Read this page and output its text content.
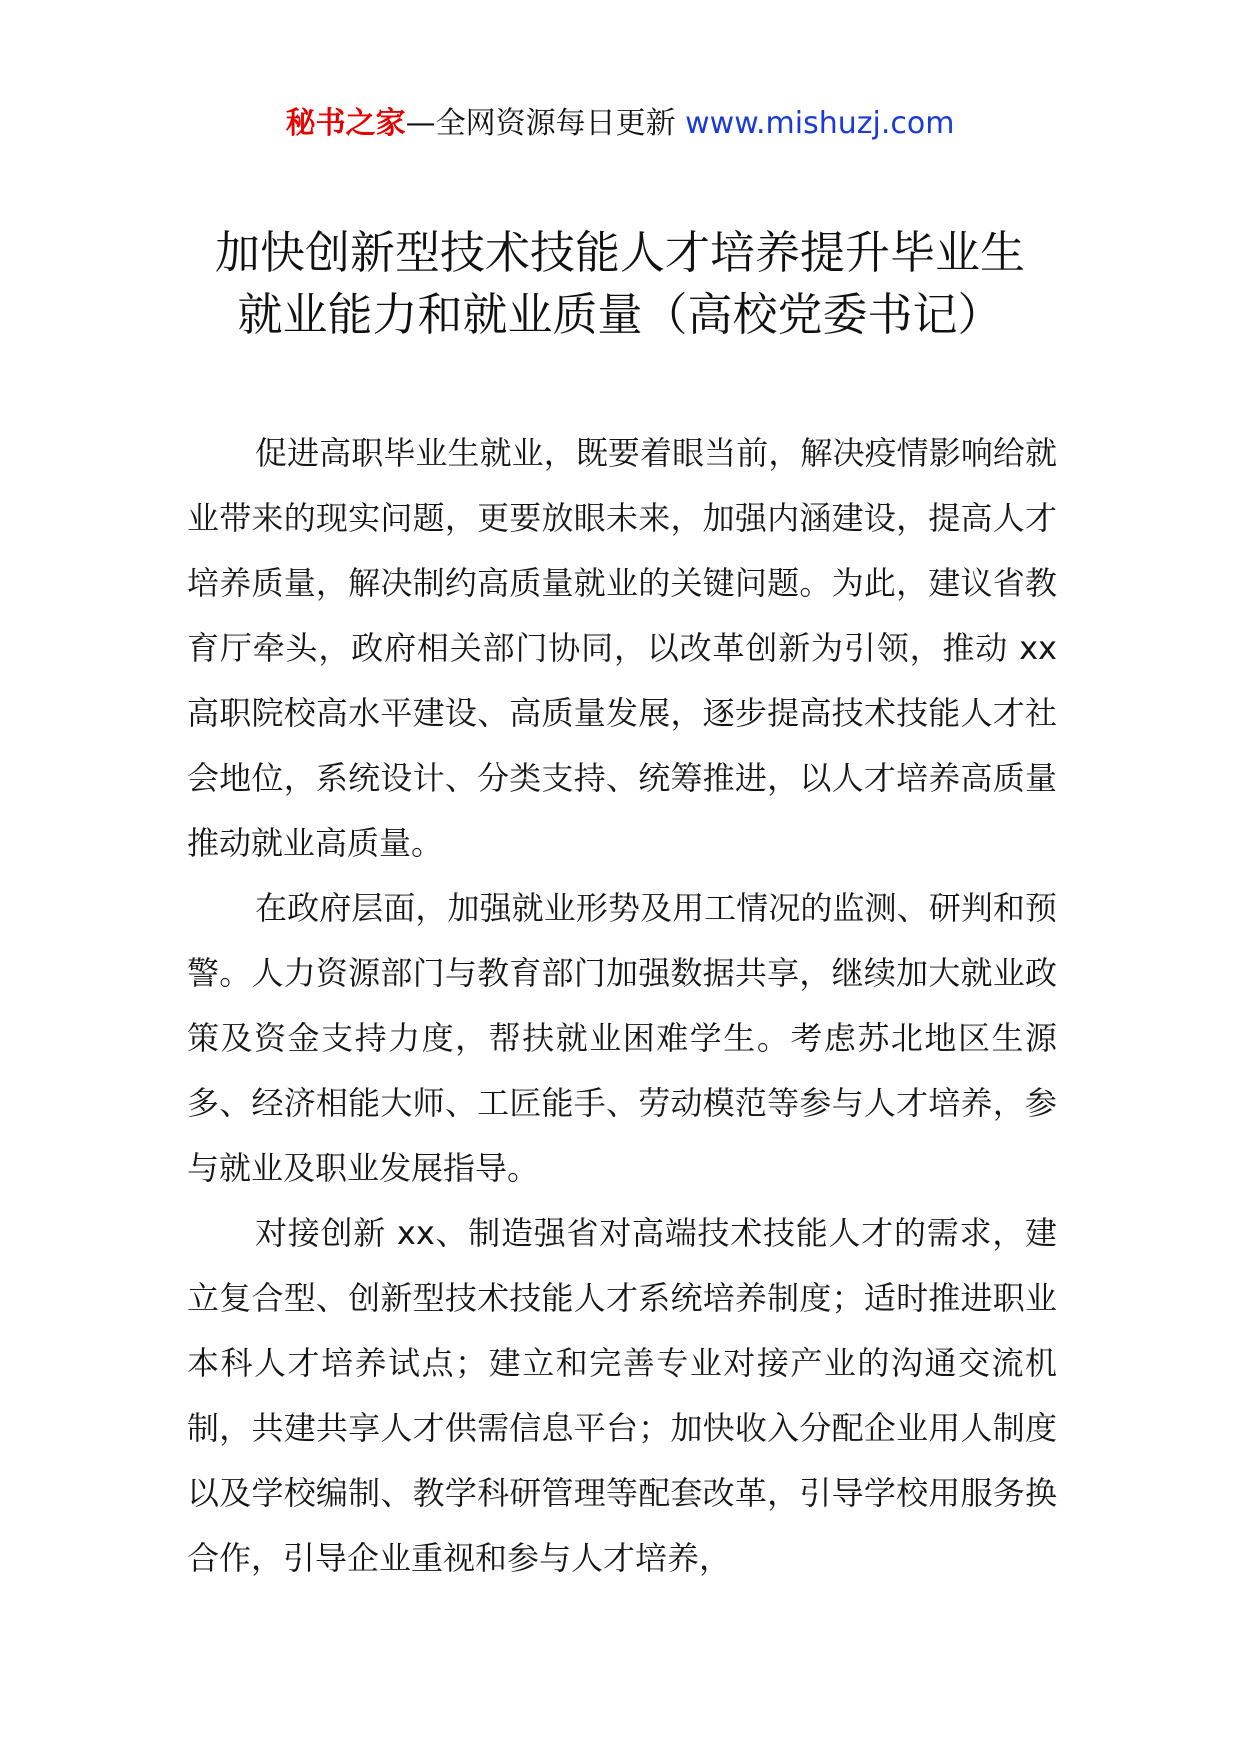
秘书之家—全网资源每日更新 www.mishuzj.com
加快创新型技术技能人才培养提升毕业生
就业能力和就业质量（高校党委书记）

促进高职毕业生就业，既要着眼当前，解决疫情影响给就业带来的现实问题，更要放眼未来，加强内涵建设，提高人才培养质量，解决制约高质量就业的关键问题。为此，建议省教育厅牵头，政府相关部门协同，以改革创新为引领，推动 xx 高职院校高水平建设、高质量发展，逐步提高技术技能人才社会地位，系统设计、分类支持、统筹推进，以人才培养高质量推动就业高质量。

在政府层面，加强就业形势及用工情况的监测、研判和预警。人力资源部门与教育部门加强数据共享，继续加大就业政策及资金支持力度，帮扶就业困难学生。考虑苏北地区生源多、经济相能大师、工匠能手、劳动模范等参与人才培养，参与就业及职业发展指导。

对接创新 xx、制造强省对高端技术技能人才的需求，建立复合型、创新型技术技能人才系统培养制度；适时推进职业本科人才培养试点；建立和完善专业对接产业的沟通交流机制，共建共享人才供需信息平台；加快收入分配企业用人制度以及学校编制、教学科研管理等配套改革，引导学校用服务换合作，引导企业重视和参与人才培养，
